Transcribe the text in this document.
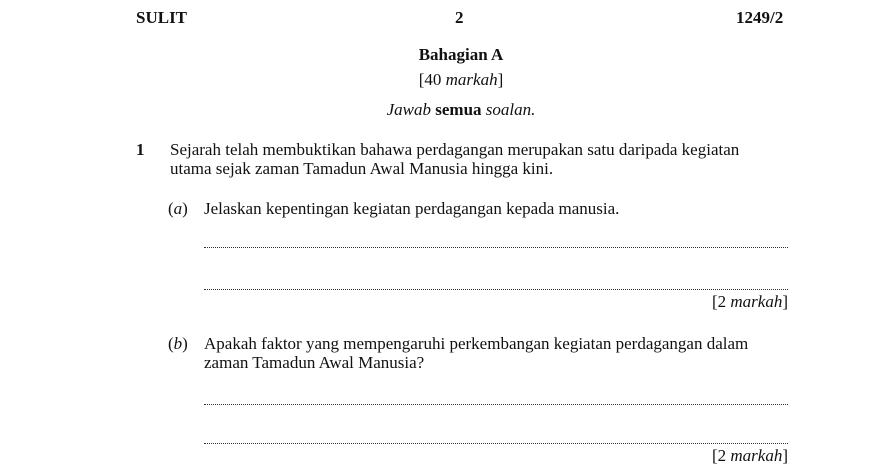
SULIT	2	1249/2
Bahagian A
[40 markah]
Jawab semua soalan.
1 Sejarah telah membuktikan bahawa perdagangan merupakan satu daripada kegiatan
utama sejak zaman Tamadun Awal Manusia hingga kini.
(a) Jelaskan kepentingan kegiatan perdagangan kepada manusia.
[2 markah]
(b) Apakah faktor yang mempengaruhi perkembangan kegiatan perdagangan dalam
zaman Tamadun Awal Manusia?
[2 markah]
